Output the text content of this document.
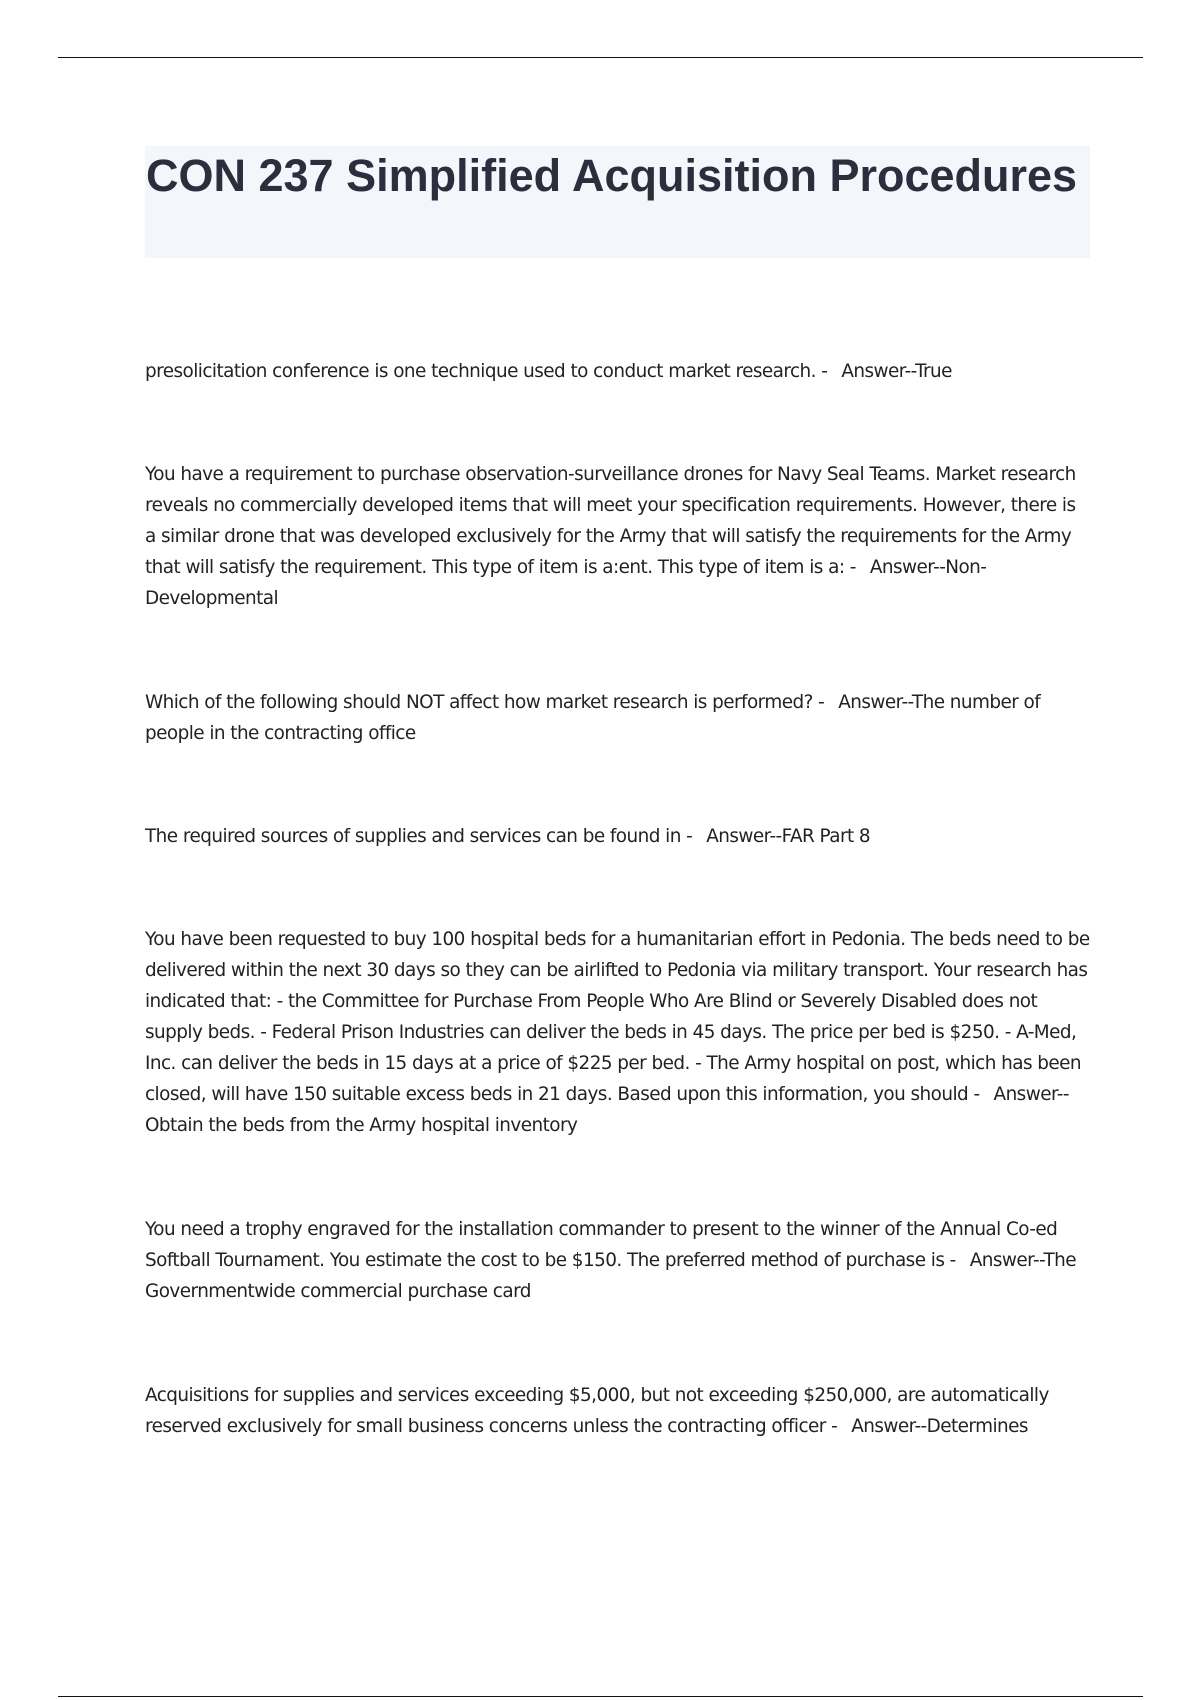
CON 237 Simplified Acquisition Procedures

presolicitation conference is one technique used to conduct market research. - Answer--True

You have a requirement to purchase observation-surveillance drones for Navy Seal Teams. Market research reveals no commercially developed items that will meet your specification requirements. However, there is a similar drone that was developed exclusively for the Army that will satisfy the requirements for the Army that will satisfy the requirement. This type of item is a:ent. This type of item is a: - Answer--Non-Developmental

Which of the following should NOT affect how market research is performed? - Answer--The number of people in the contracting office

The required sources of supplies and services can be found in - Answer--FAR Part 8

You have been requested to buy 100 hospital beds for a humanitarian effort in Pedonia. The beds need to be delivered within the next 30 days so they can be airlifted to Pedonia via military transport. Your research has indicated that: - the Committee for Purchase From People Who Are Blind or Severely Disabled does not supply beds. - Federal Prison Industries can deliver the beds in 45 days. The price per bed is $250. - A-Med, Inc. can deliver the beds in 15 days at a price of $225 per bed. - The Army hospital on post, which has been closed, will have 150 suitable excess beds in 21 days. Based upon this information, you should - Answer--Obtain the beds from the Army hospital inventory

You need a trophy engraved for the installation commander to present to the winner of the Annual Co-ed Softball Tournament. You estimate the cost to be $150. The preferred method of purchase is - Answer--The Governmentwide commercial purchase card

Acquisitions for supplies and services exceeding $5,000, but not exceeding $250,000, are automatically reserved exclusively for small business concerns unless the contracting officer - Answer--Determines
